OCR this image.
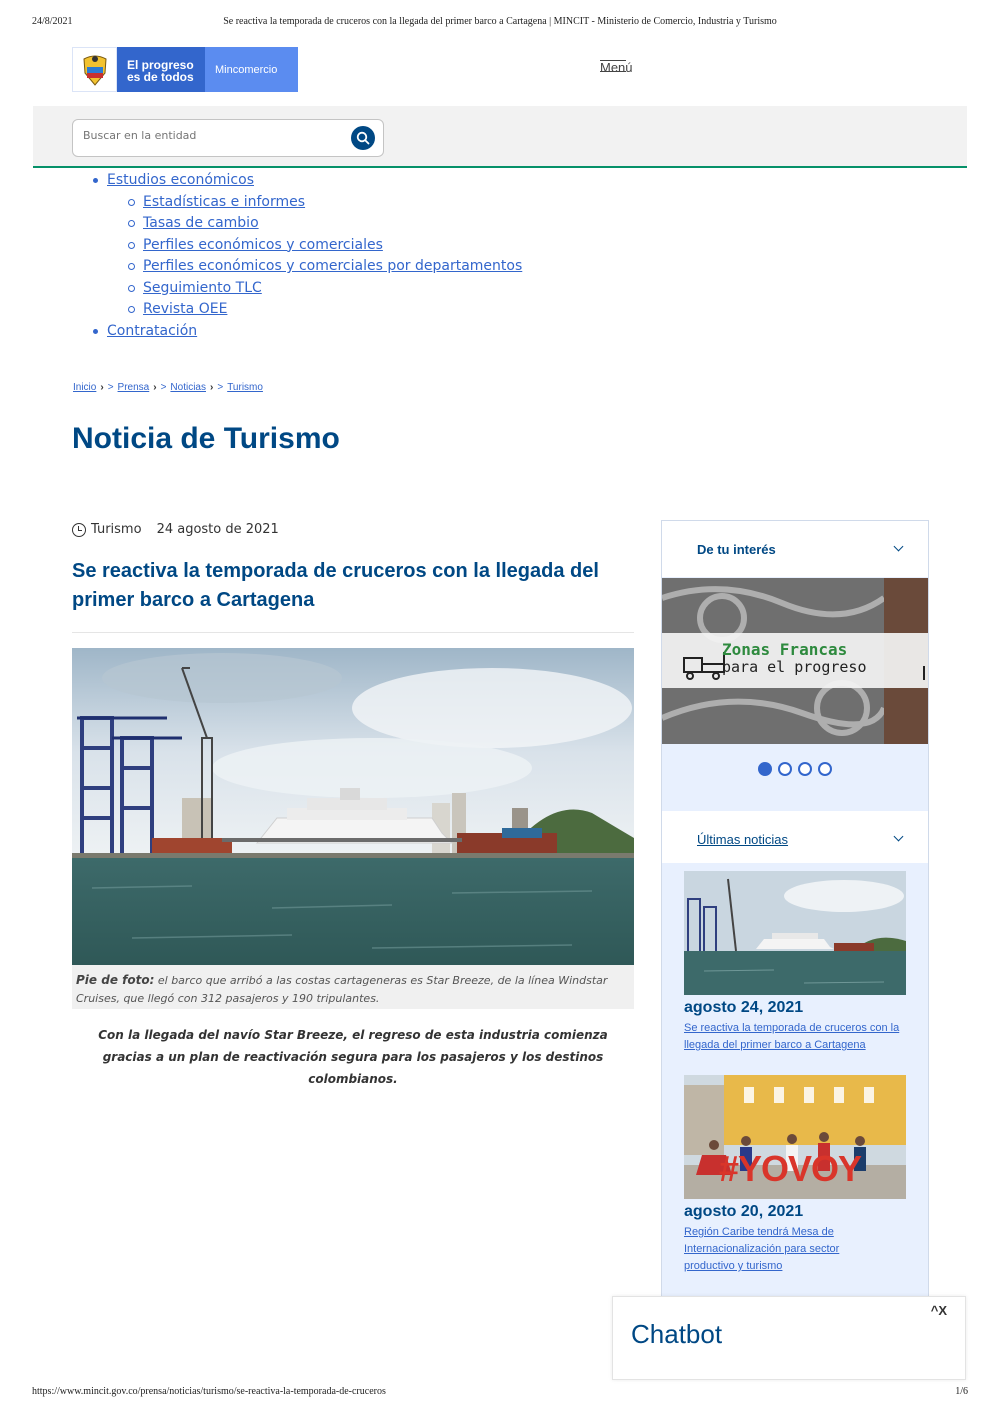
24/8/2021	Se reactiva la temporada de cruceros con la llegada del primer barco a Cartagena | MINCIT - Ministerio de Comercio, Industria y Turismo
El progreso
es de todos	Mincomercio	Menú
Buscar en la entidad
Estudios económicos
Estadísticas e informes
Tasas de cambio
Perfiles económicos y comerciales
Perfiles económicos y comerciales por departamentos
Seguimiento TLC
Revista OEE
Contratación
Inicio › > Prensa › > Noticias › > Turismo
Noticia de Turismo
Turismo 24 agosto de 2021
Se reactiva la temporada de cruceros con la llegada del primer barco a Cartagena
Pie de foto: el barco que arribó a las costas cartageneras es Star Breeze, de la línea Windstar Cruises, que llegó con 312 pasajeros y 190 tripulantes.

Con la llegada del navío Star Breeze, el regreso de esta industria comienza gracias a un plan de reactivación segura para los pasajeros y los destinos colombianos.

De tu interés
Zonas Francas
para el progreso
Últimas noticias
agosto 24, 2021
Se reactiva la temporada de cruceros con la llegada del primer barco a Cartagena
#YOVOY
agosto 20, 2021
Región Caribe tendrá Mesa de Internacionalización para sector productivo y turismo
^X
Chatbot
https://www.mincit.gov.co/prensa/noticias/turismo/se-reactiva-la-temporada-de-cruceros	1/6
